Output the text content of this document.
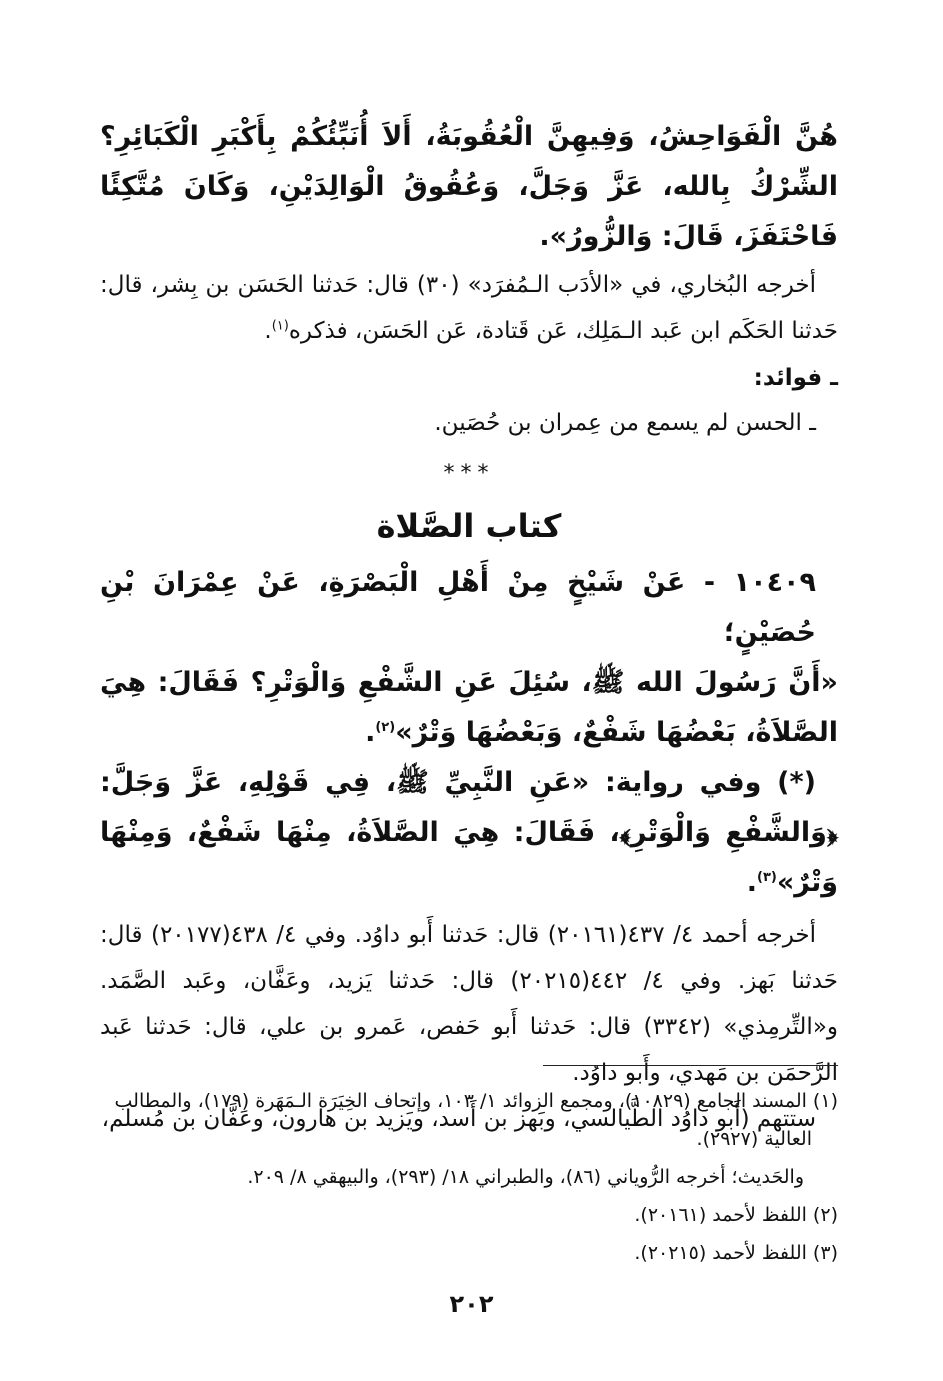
هُنَّ الْفَوَاحِشُ، وَفِيهِنَّ الْعُقُوبَةُ، أَلاَ أُنَبِّئُكُمْ بِأَكْبَرِ الْكَبَائِرِ؟ الشِّرْكُ بِالله، عَزَّ وَجَلَّ، وَعُقُوقُ الْوَالِدَيْنِ، وَكَانَ مُتَّكِئًا فَاحْتَفَزَ، قَالَ: وَالزُّورُ».

أخرجه البُخاري، في «الأدَب الـمُفرَد» (٣٠) قال: حَدثنا الحَسَن بن بِشر، قال: حَدثنا الحَكَم ابن عَبد الـمَلِك، عَن قَتادة، عَن الحَسَن، فذكره$^{(١)}$.

ـ فوائد:

ـ الحسن لم يسمع من عِمران بن حُصَين.

***

كتاب الصَّلاة

١٠٤٠٩ - عَنْ شَيْخٍ مِنْ أَهْلِ الْبَصْرَةِ، عَنْ عِمْرَانَ بْنِ حُصَيْنٍ؛

«أَنَّ رَسُولَ الله ﷺ، سُئِلَ عَنِ الشَّفْعِ وَالْوَتْرِ؟ فَقَالَ: هِيَ الصَّلاَةُ، بَعْضُهَا شَفْعٌ، وَبَعْضُهَا وَتْرٌ»$^{(٢)}$.

(*) وفي رواية: «عَنِ النَّبِيِّ ﷺ، فِي قَوْلِهِ، عَزَّ وَجَلَّ: ﴿وَالشَّفْعِ وَالْوَتْرِ﴾، فَقَالَ: هِيَ الصَّلاَةُ، مِنْهَا شَفْعٌ، وَمِنْهَا وَتْرٌ»$^{(٣)}$.

أخرجه أحمد ٤/ ٤٣٧(٢٠١٦١) قال: حَدثنا أَبو داوُد. وفي ٤/ ٤٣٨(٢٠١٧٧) قال: حَدثنا بَهز. وفي ٤/ ٤٤٢(٢٠٢١٥) قال: حَدثنا يَزيد، وعَفَّان، وعَبد الصَّمَد. و«التِّرمِذي» (٣٣٤٢) قال: حَدثنا أَبو حَفص، عَمرو بن علي، قال: حَدثنا عَبد الرَّحمَن بن مَهدي، وأَبو داوُد.

ستتهم (أَبو داوُد الطَّيالسي، وبَهز بن أَسد، ويَزيد بن هارون، وعَفَّان بن مُسلم،

(١) المسند الجامع (١٠٨٢٩)، ومجمع الزوائد ١/ ١٠٣، وإتحاف الخِيَرَة الـمَهَرة (١٧٩)، والمطالب

العالية (٢٩٢٧).

والحَديث؛ أخرجه الرُّوياني (٨٦)، والطبراني ١٨/ (٢٩٣)، والبيهقي ٨/ ٢٠٩.

(٢) اللفظ لأحمد (٢٠١٦١).

(٣) اللفظ لأحمد (٢٠٢١٥).

٢٠٢
